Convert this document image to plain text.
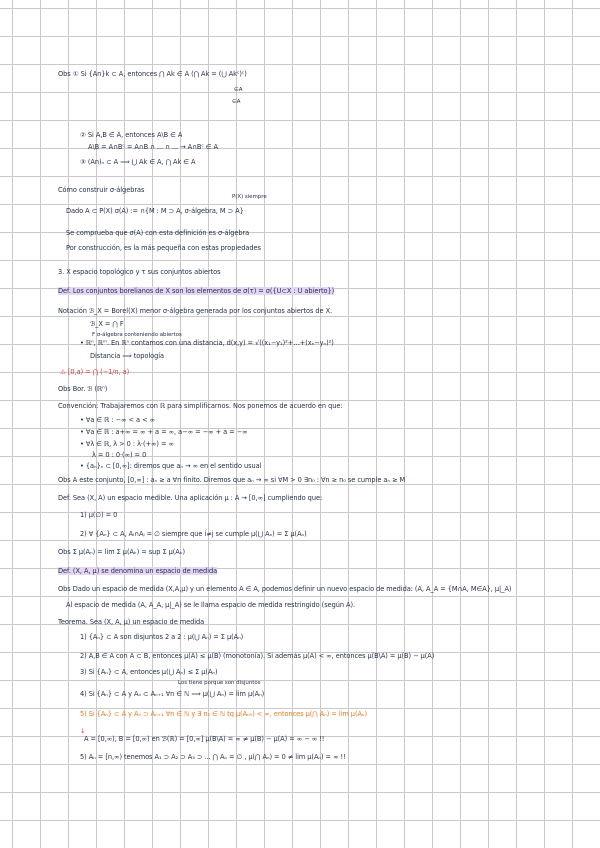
Obs ① Si {An}k ⊂ A, entonces ⋂ Ak ∈ A (⋂ Ak = (⋃ Akᶜ)ᶜ)
∈A
∈A
② Si A,B ∈ A, entonces A\B ∈ A
A\B = A∩Bᶜ = A∩B ∩ ... ∩ ... → A∩Bᶜ ∈ A
③ (An)ₙ ⊂ A ⟹ ⋃ Ak ∈ A, ⋂ Ak ∈ A
Cómo construir σ-álgebras
P(X) siempre
Dado A ⊂ P(X) σ(A) := ∩{M : M ⊃ A, σ-álgebra, M ⊃ A}
Se comprueba que σ(A) con esta definición es σ-álgebra
Por construcción, es la más pequeña con estas propiedades
3. X espacio topológico y τ sus conjuntos abiertos
Def. Los conjuntos borelianos de X son los elementos de σ(τ) = σ({U⊂X : U abierto})
Notación ℬ_X = Borel(X) menor σ-álgebra generada por los conjuntos abiertos de X.
ℬ_X = ⋂ F
F σ-álgebra conteniendo abiertos
• ℝⁿ, ℝᵐ. En ℝⁿ contamos con una distancia, d(x,y) = √((x₁−y₁)²+…+(xₙ−yₙ)²)
Distancia ⟹ topología
⚠ [0,a) = ⋂ (−1/n, a)
Obs Bor. ℬ (ℝⁿ)
Convención: Trabajaremos con ℝ para simplificarnos. Nos ponemos de acuerdo en que:
• ∀a ∈ ℝ : −∞ < a < ∞
• ∀a ∈ ℝ : a+∞ = ∞ + a = ∞, a−∞ = −∞ + a = −∞
• ∀λ ∈ ℝ, λ > 0 : λ·(+∞) = ∞
λ = 0 : 0·(∞) = 0
• {aₙ}ₙ ⊂ [0,∞]: diremos que aₙ → ∞ en el sentido usual
Obs A este conjunto, [0,∞] : aₙ ≥ a ∀n finito. Diremos que aₙ → ∞ si ∀M > 0 ∃n₀ : ∀n ≥ n₀ se cumple aₙ ≥ M
Def. Sea (X, A) un espacio medible. Una aplicación μ : A → [0,∞] cumpliendo que:
1) μ(∅) = 0
2) ∀ {Aₙ} ⊂ A, Aᵢ∩Aⱼ = ∅ siempre que i≠j se cumple μ(⋃ Aₙ) = Σ μ(Aₙ)
Obs Σ μ(Aₙ) = lim Σ μ(Aₖ) = sup Σ μ(Aₖ)
Def. (X, A, μ) se denomina un espacio de medida
Obs Dado un espacio de medida (X,A,μ) y un elemento A ∈ A, podemos definir un nuevo espacio de medida: (A, A_A = {M∩A, M∈A}, μ|_A)
Al espacio de medida (A, A_A, μ|_A) se le llama espacio de medida restringido (según A).
Teorema. Sea (X, A, μ) un espacio de medida
1) {Aₙ} ⊂ A son disjuntos 2 a 2 : μ(⋃ Aₙ) = Σ μ(Aₙ)
2) A,B ∈ A con A ⊂ B, entonces μ(A) ≤ μ(B) (monotonía). Si además μ(A) < ∞, entonces μ(B\A) = μ(B) − μ(A)
3) Si {Aₙ} ⊂ A, entonces μ(⋃ Aₙ) ≤ Σ μ(Aₙ)
Los tiene porque son disjuntos
4) Si {Aₙ} ⊂ A y Aₙ ⊂ Aₙ₊₁ ∀n ∈ ℕ ⟹ μ(⋃ Aₙ) = lim μ(Aₙ)
5) Si {Aₙ} ⊂ A y Aₙ ⊃ Aₙ₊₁ ∀n ∈ ℕ y ∃ n₀ ∈ ℕ tq μ(Aₙ₀) < ∞, entonces μ(⋂ Aₙ) = lim μ(Aₙ)
↓
A = [0,∞), B = [0,∞) en ℬ(ℝ) = [0,∞] μ(B\A) = ∞ ≠ μ(B) − μ(A) = ∞ − ∞ !!
5) Aₙ = [n,∞) tenemos A₁ ⊃ A₂ ⊃ A₃ ⊃ ... ⋂ Aₙ = ∅ , μ(⋂ Aₙ) = 0 ≠ lim μ(Aₙ) = ∞ !!
